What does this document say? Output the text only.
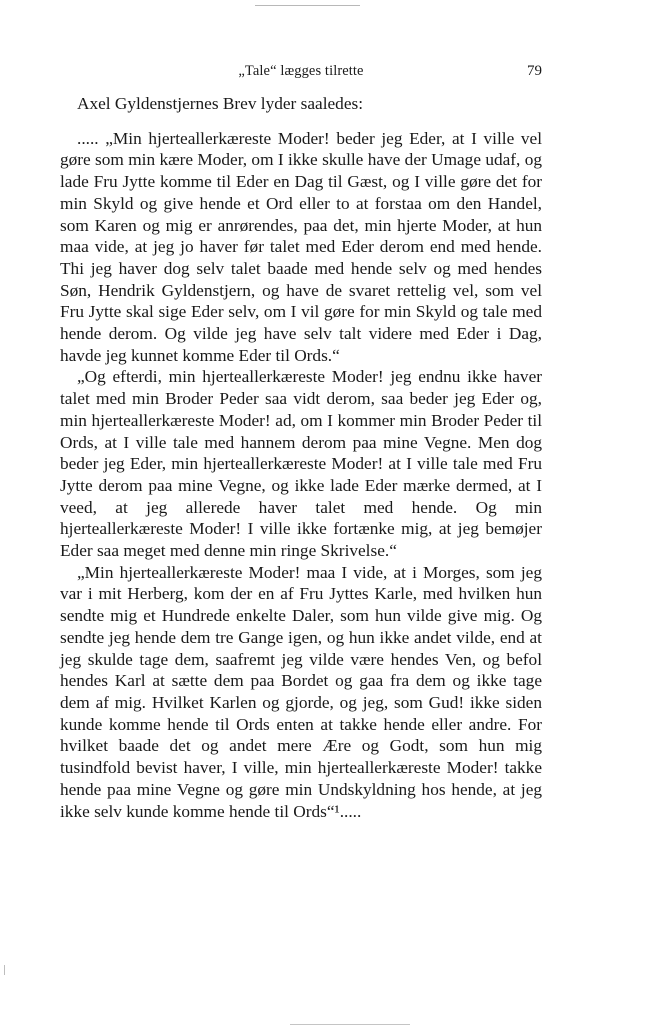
„Tale“ lægges tilrette	79

Axel Gyldenstjernes Brev lyder saaledes:

..... „Min hjerteallerkæreste Moder! beder jeg Eder, at I ville vel gøre som min kære Moder, om I ikke skulle have der Umage udaf, og lade Fru Jytte komme til Eder en Dag til Gæst, og I ville gøre det for min Skyld og give hende et Ord eller to at forstaa om den Handel, som Karen og mig er anrørendes, paa det, min hjerte Moder, at hun maa vide, at jeg jo haver før talet med Eder derom end med hende. Thi jeg haver dog selv talet baade med hende selv og med hendes Søn, Hendrik Gyldenstjern, og have de svaret rettelig vel, som vel Fru Jytte skal sige Eder selv, om I vil gøre for min Skyld og tale med hende derom. Og vilde jeg have selv talt videre med Eder i Dag, havde jeg kunnet komme Eder til Ords.“

„Og efterdi, min hjerteallerkæreste Moder! jeg endnu ikke haver talet med min Broder Peder saa vidt derom, saa beder jeg Eder og, min hjerteallerkæreste Moder! ad, om I kommer min Broder Peder til Ords, at I ville tale med hannem derom paa mine Vegne. Men dog beder jeg Eder, min hjerteallerkæreste Moder! at I ville tale med Fru Jytte derom paa mine Vegne, og ikke lade Eder mærke dermed, at I veed, at jeg allerede haver talet med hende. Og min hjerteallerkæreste Moder! I ville ikke fortænke mig, at jeg bemøjer Eder saa meget med denne min ringe Skrivelse.“

„Min hjerteallerkæreste Moder! maa I vide, at i Morges, som jeg var i mit Herberg, kom der en af Fru Jyttes Karle, med hvilken hun sendte mig et Hundrede enkelte Daler, som hun vilde give mig. Og sendte jeg hende dem tre Gange igen, og hun ikke andet vilde, end at jeg skulde tage dem, saafremt jeg vilde være hendes Ven, og befol hendes Karl at sætte dem paa Bordet og gaa fra dem og ikke tage dem af mig. Hvilket Karlen og gjorde, og jeg, som Gud! ikke siden kunde komme hende til Ords enten at takke hende eller andre. For hvilket baade det og andet mere Ære og Godt, som hun mig tusindfold bevist haver, I ville, min hjerteallerkæreste Moder! takke hende paa mine Vegne og gøre min Undskyldning hos hende, at jeg ikke selv kunde komme hende til Ords“¹.....
